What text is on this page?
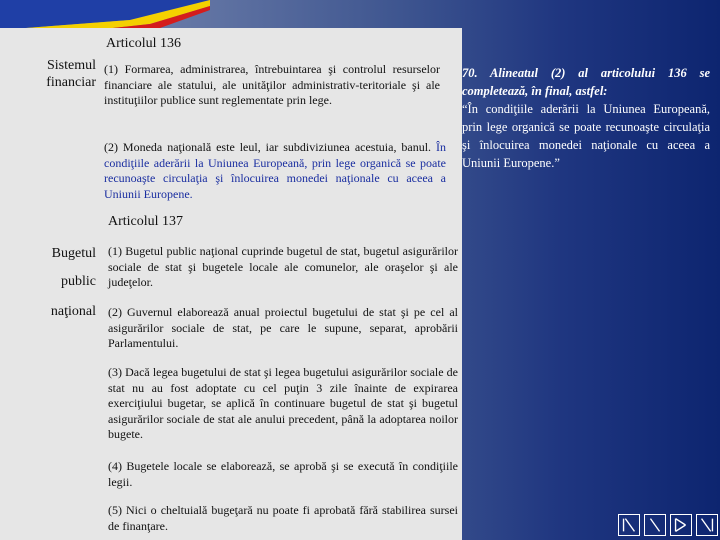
Articolul 136

Sistemul

financiar

(1) Formarea, administrarea, întrebuintarea şi controlul resurselor financiare ale statului, ale unităţilor administrativ-teritoriale şi ale instituţiilor publice sunt reglementate prin lege.

(2) Moneda naţională este leul, iar subdiviziunea acestuia, banul. În condiţiile aderării la Uniunea Europeană, prin lege organică se poate recunoaşte circulaţia şi înlocuirea monedei naţionale cu aceea a Uniunii Europene.

Articolul 137

Bugetul

public

naţional

(1) Bugetul public naţional cuprinde bugetul de stat, bugetul asigurărilor sociale de stat şi bugetele locale ale comunelor, ale oraşelor şi ale judeţelor.

(2) Guvernul elaborează anual proiectul bugetului de stat şi pe cel al asigurărilor sociale de stat, pe care le supune, separat, aprobării Parlamentului.

(3) Dacă legea bugetului de stat şi legea bugetului asigurărilor sociale de stat nu au fost adoptate cu cel puţin 3 zile înainte de expirarea exerciţiului bugetar, se aplică în continuare bugetul de stat şi bugetul asigurărilor sociale de stat ale anului precedent, până la adoptarea noilor bugete.

(4) Bugetele locale se elaborează, se aprobă şi se execută în condiţiile legii.

(5) Nici o cheltuială bugeţară nu poate fi aprobată fără stabilirea sursei de finanţare.

70. Alineatul (2) al articolului 136 se completează, în final, astfel:
“În condiţiile aderării la Uniunea Europeană, prin lege organică se poate recunoaşte circulaţia şi înlocuirea monedei naţionale cu aceea a Uniunii Europene.”
